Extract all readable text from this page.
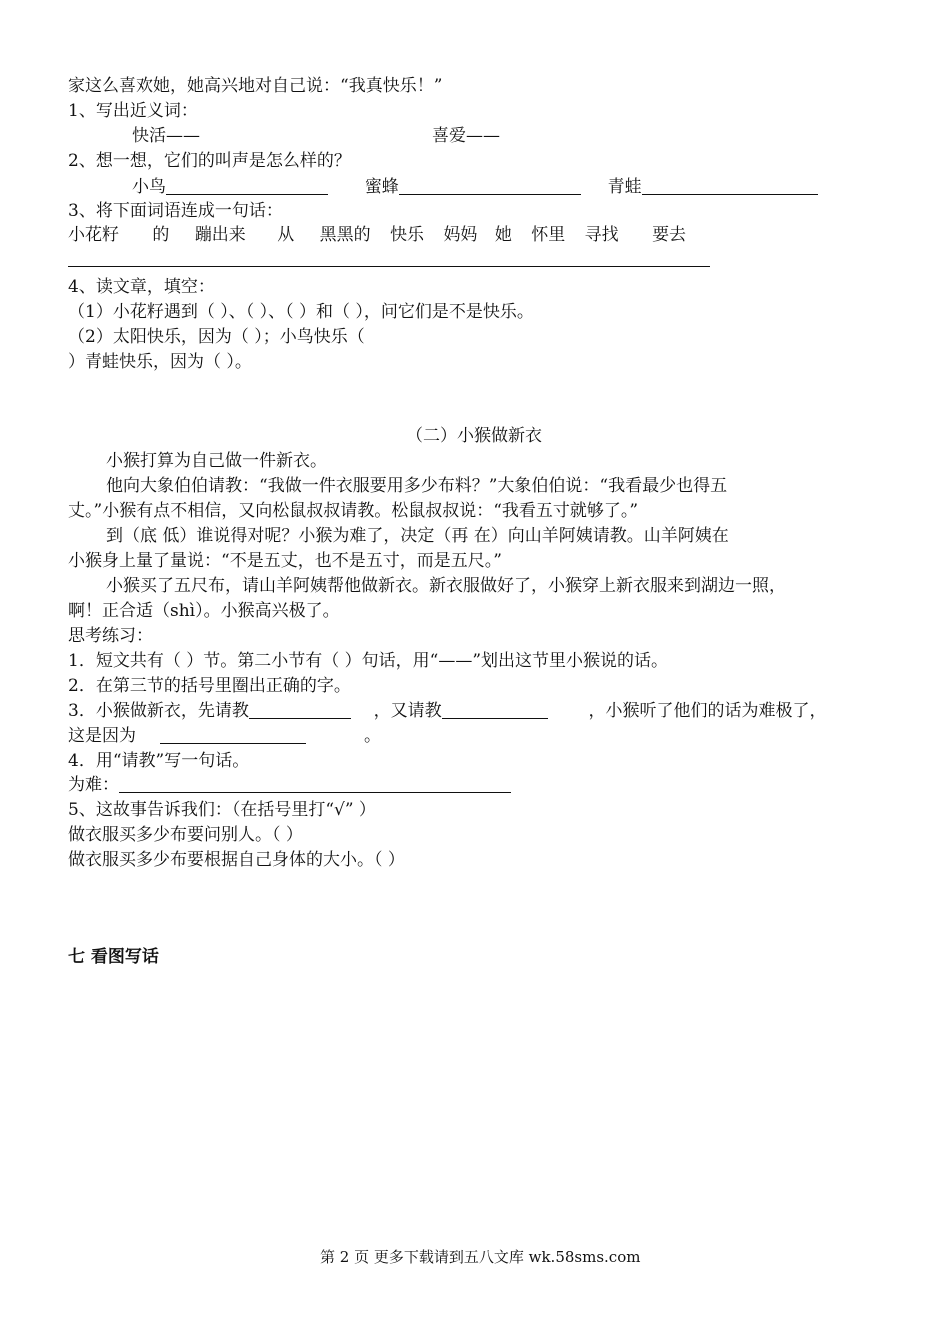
家这么喜欢她，她高兴地对自己说：“我真快乐！”
1、写出近义词：
快活——	喜爱——
2、想一想，它们的叫声是怎么样的？
小鸟	蜜蜂	青蛙
3、将下面词语连成一句话：
小花籽 的 蹦出来 从 黑黑的 快乐 妈妈 她 怀里 寻找 要去
4、读文章，填空：
（1）小花籽遇到（ ）、（ ）、（ ）和（ ），问它们是不是快乐。
（2）太阳快乐，因为（ ）；小鸟快乐（
）青蛙快乐，因为（ ）。
（二）小猴做新衣
小猴打算为自己做一件新衣。
他向大象伯伯请教：“我做一件衣服要用多少布料？”大象伯伯说：“我看最少也得五
丈。”小猴有点不相信，又向松鼠叔叔请教。松鼠叔叔说：“我看五寸就够了。”
到（底 低）谁说得对呢？小猴为难了，决定（再 在）向山羊阿姨请教。山羊阿姨在
小猴身上量了量说：“不是五丈，也不是五寸，而是五尺。”
小猴买了五尺布，请山羊阿姨帮他做新衣。新衣服做好了，小猴穿上新衣服来到湖边一照，
啊！正合适（shì）。小猴高兴极了。
思考练习：
1．短文共有（ ）节。第二小节有（ ）句话，用“——”划出这节里小猴说的话。
2．在第三节的括号里圈出正确的字。
3．小猴做新衣，先请教	，又请教	，小猴听了他们的话为难极了，
这是因为	。
4．用“请教”写一句话。
为难：
5、这故事告诉我们：（在括号里打“√” ）
做衣服买多少布要问别人。（ ）
做衣服买多少布要根据自己身体的大小。（ ）
七 看图写话
第 2 页 更多下载请到五八文库 wk.58sms.com
